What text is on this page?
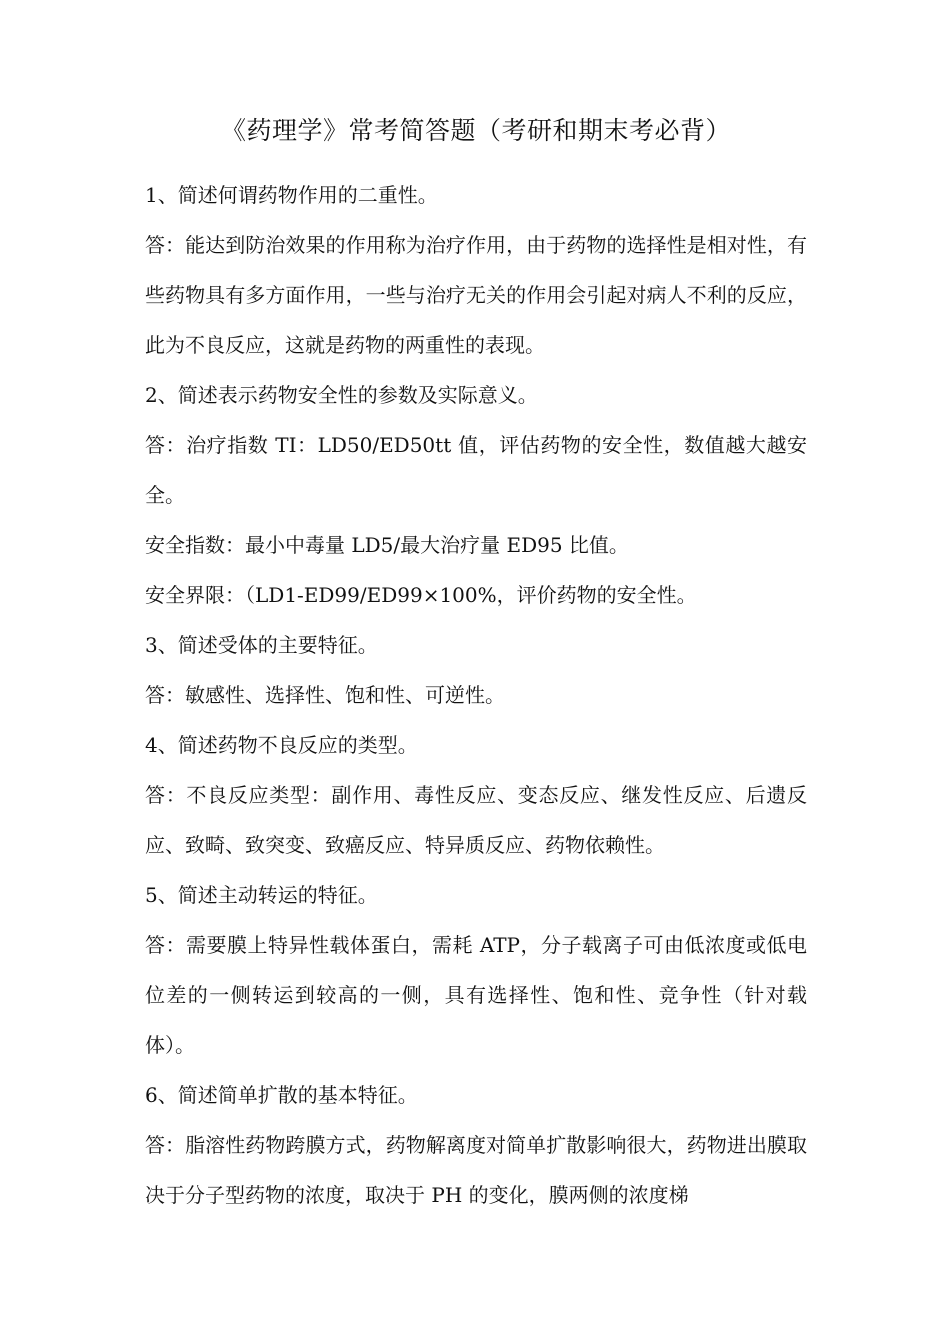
《药理学》常考简答题（考研和期末考必背）

1、简述何谓药物作用的二重性。

答：能达到防治效果的作用称为治疗作用，由于药物的选择性是相对性，有些药物具有多方面作用，一些与治疗无关的作用会引起对病人不利的反应，此为不良反应，这就是药物的两重性的表现。

2、简述表示药物安全性的参数及实际意义。

答：治疗指数 TI：LD50/ED50tt 值，评估药物的安全性，数值越大越安全。

安全指数：最小中毒量 LD5/最大治疗量 ED95 比值。

安全界限：（LD1-ED99/ED99×100%，评价药物的安全性。

3、简述受体的主要特征。

答：敏感性、选择性、饱和性、可逆性。

4、简述药物不良反应的类型。

答：不良反应类型：副作用、毒性反应、变态反应、继发性反应、后遗反应、致畸、致突变、致癌反应、特异质反应、药物依赖性。

5、简述主动转运的特征。

答：需要膜上特异性载体蛋白，需耗 ATP，分子载离子可由低浓度或低电位差的一侧转运到较高的一侧，具有选择性、饱和性、竞争性（针对载体）。

6、简述简单扩散的基本特征。

答：脂溶性药物跨膜方式，药物解离度对简单扩散影响很大，药物进出膜取决于分子型药物的浓度，取决于 PH 的变化，膜两侧的浓度梯
